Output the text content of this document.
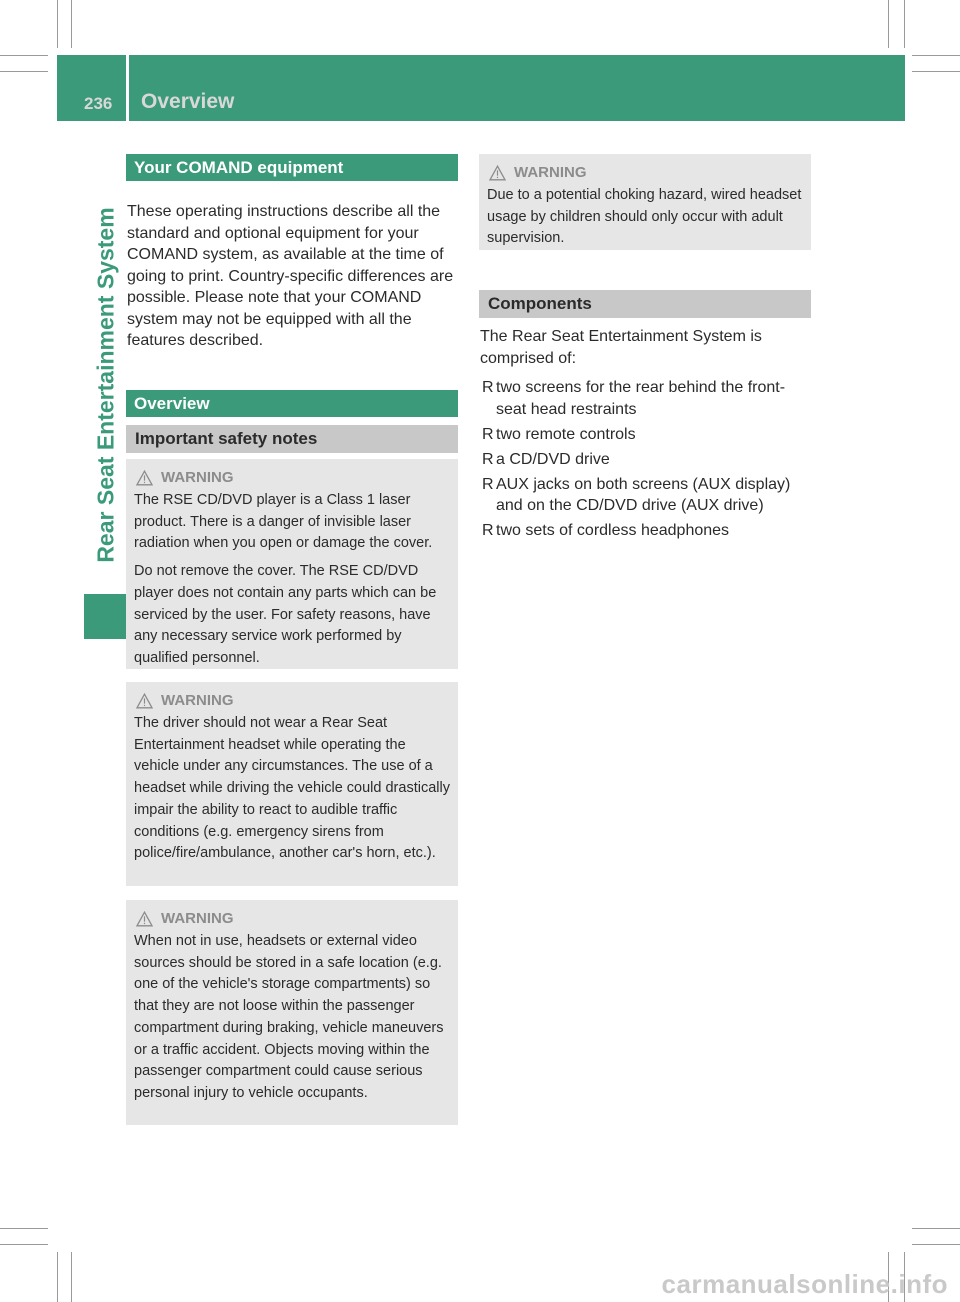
236 Overview
Rear Seat Entertainment System
Your COMAND equipment
These operating instructions describe all the standard and optional equipment for your COMAND system, as available at the time of going to print. Country-specific differences are possible. Please note that your COMAND system may not be equipped with all the features described.
Overview
Important safety notes
WARNING

The RSE CD/DVD player is a Class 1 laser product. There is a danger of invisible laser radiation when you open or damage the cover.

Do not remove the cover. The RSE CD/DVD player does not contain any parts which can be serviced by the user. For safety reasons, have any necessary service work performed by qualified personnel.

WARNING

The driver should not wear a Rear Seat Entertainment headset while operating the vehicle under any circumstances. The use of a headset while driving the vehicle could drastically impair the ability to react to audible traffic conditions (e.g. emergency sirens from police/fire/ambulance, another car's horn, etc.).

WARNING

When not in use, headsets or external video sources should be stored in a safe location (e.g. one of the vehicle's storage compartments) so that they are not loose within the passenger compartment during braking, vehicle maneuvers or a traffic accident. Objects moving within the passenger compartment could cause serious personal injury to vehicle occupants.

WARNING

Due to a potential choking hazard, wired headset usage by children should only occur with adult supervision.

Components
The Rear Seat Entertainment System is comprised of:
R two screens for the rear behind the front-seat head restraints
R two remote controls
R a CD/DVD drive
R AUX jacks on both screens (AUX display) and on the CD/DVD drive (AUX drive)
R two sets of cordless headphones
carmanualsonline.info
